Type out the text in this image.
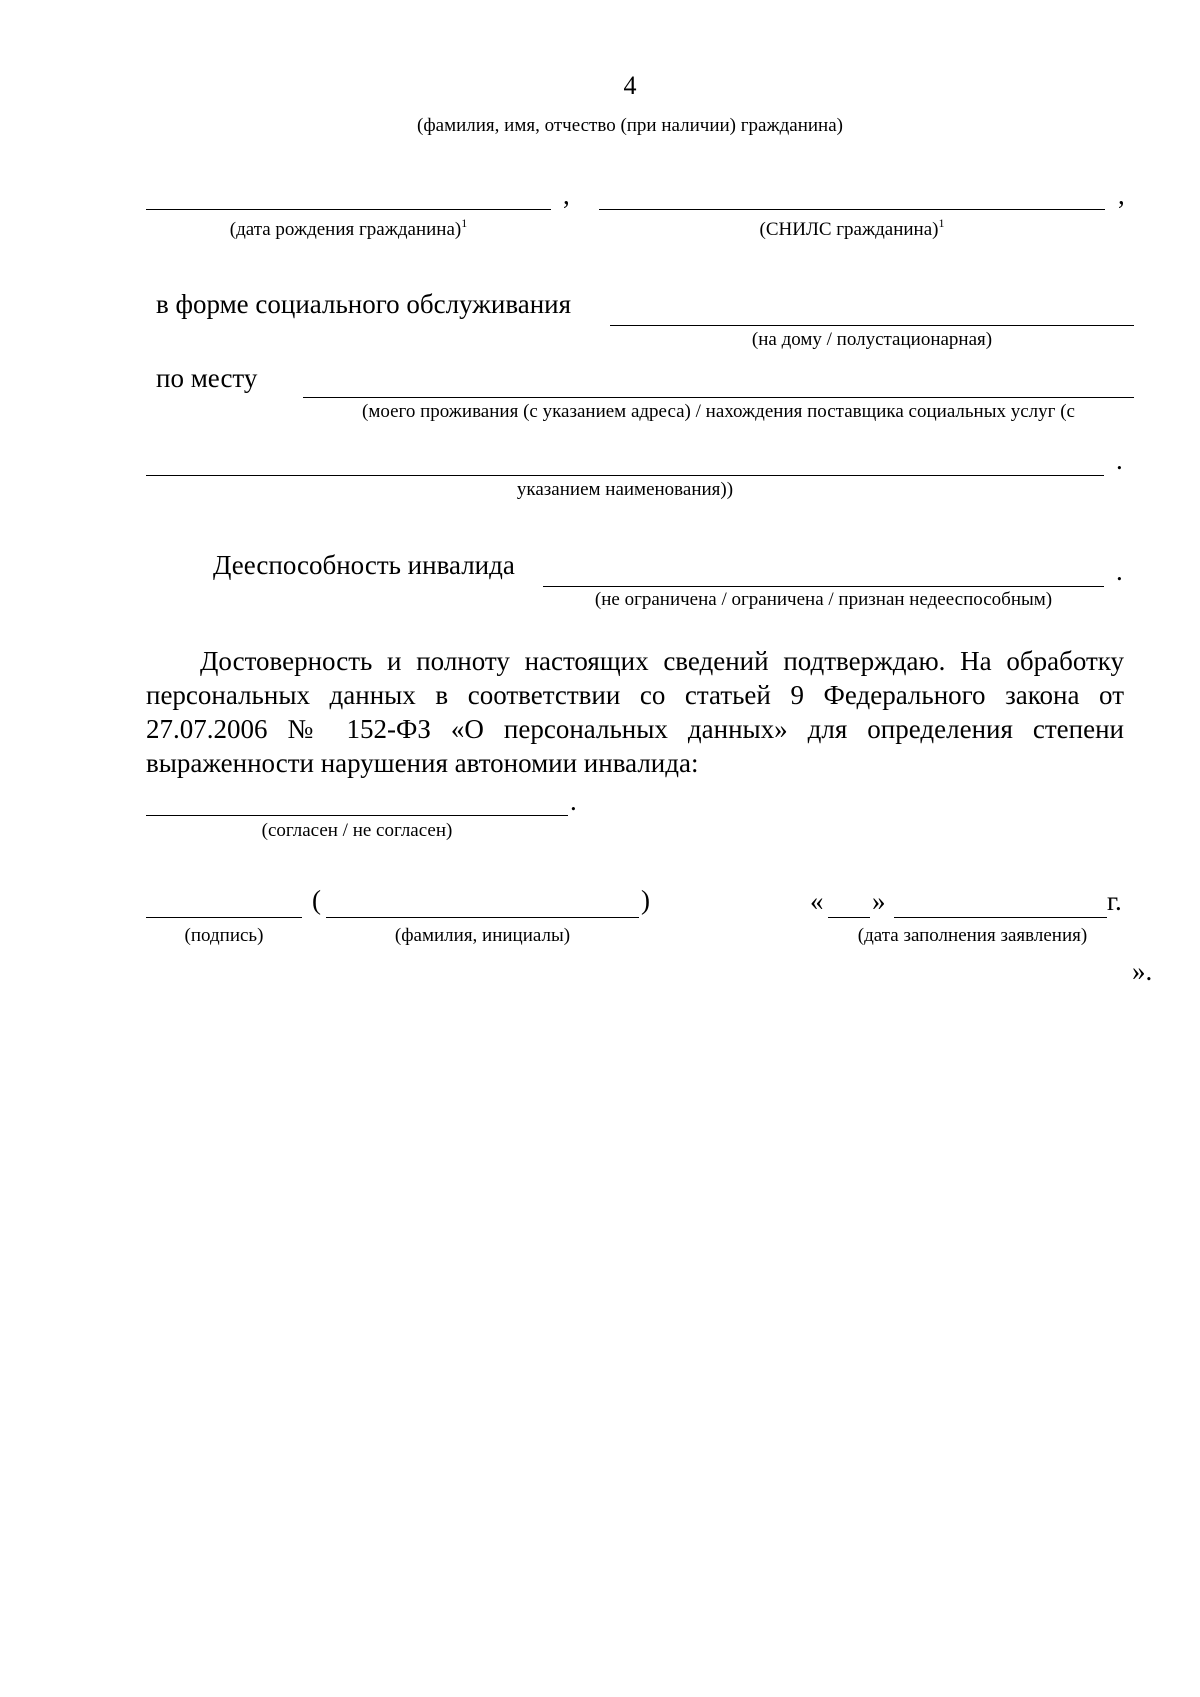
4
(фамилия, имя, отчество (при наличии) гражданина)
,	,
(дата рождения гражданина)$^1$	(СНИЛС гражданина)$^1$
в форме социального обслуживания
(на дому / полустационарная)
по месту
(моего проживания (с указанием адреса) / нахождения поставщика социальных услуг (с
.
указанием наименования))
Дееспособность инвалида	.
(не ограничена / ограничена / признан недееспособным)
Достоверность и полноту настоящих сведений подтверждаю. На обработку персональных данных в соответствии со статьей 9 Федерального закона от 27.07.2006 № 152-ФЗ «О персональных данных» для определения степени выраженности нарушения автономии инвалида:
.
(согласен / не согласен)
(	)	« »	г.
(подпись)	(фамилия, инициалы)	(дата заполнения заявления)
».
